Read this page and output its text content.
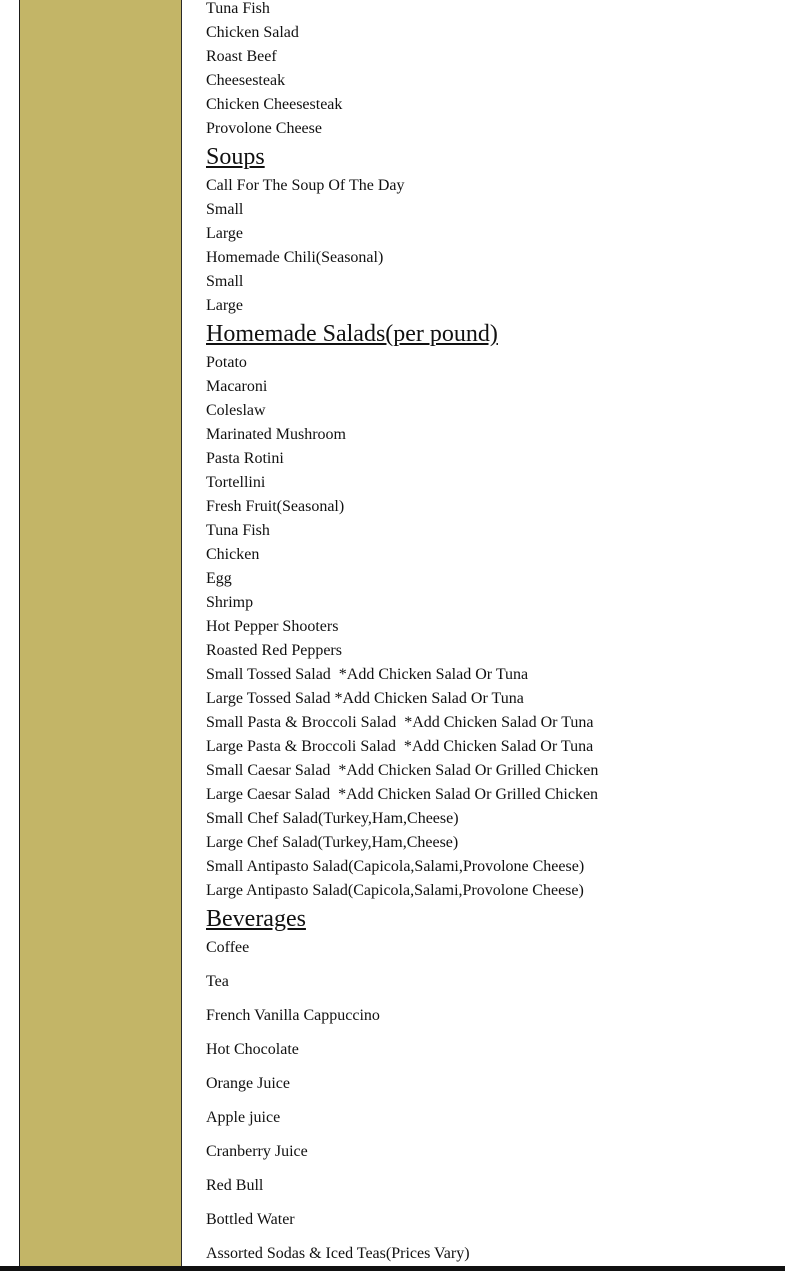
Tuna Fish
Chicken Salad
Roast Beef
Cheesesteak
Chicken Cheesesteak
Provolone Cheese
Soups
Call For The Soup Of The Day
Small
Large
Homemade Chili(Seasonal)
Small
Large
Homemade Salads(per pound)
Potato
Macaroni
Coleslaw
Marinated Mushroom
Pasta Rotini
Tortellini
Fresh Fruit(Seasonal)
Tuna Fish
Chicken
Egg
Shrimp
Hot Pepper Shooters
Roasted Red Peppers
Small Tossed Salad  *Add Chicken Salad Or Tuna
Large Tossed Salad *Add Chicken Salad Or Tuna
Small Pasta & Broccoli Salad  *Add Chicken Salad Or Tuna
Large Pasta & Broccoli Salad  *Add Chicken Salad Or Tuna
Small Caesar Salad  *Add Chicken Salad Or Grilled Chicken
Large Caesar Salad  *Add Chicken Salad Or Grilled Chicken
Small Chef Salad(Turkey,Ham,Cheese)
Large Chef Salad(Turkey,Ham,Cheese)
Small Antipasto Salad(Capicola,Salami,Provolone Cheese)
Large Antipasto Salad(Capicola,Salami,Provolone Cheese)
Beverages
Coffee
Tea
French Vanilla Cappuccino
Hot Chocolate
Orange Juice
Apple juice
Cranberry Juice
Red Bull
Bottled Water
Assorted Sodas & Iced Teas(Prices Vary)
